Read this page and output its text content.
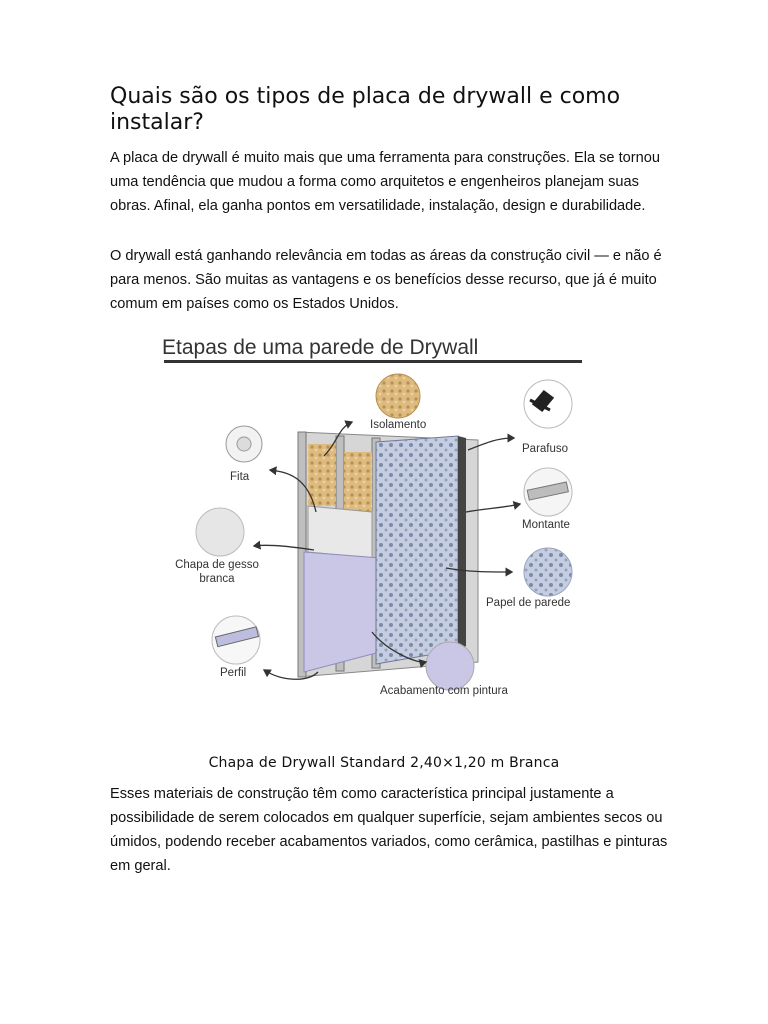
Quais são os tipos de placa de drywall e como instalar?

A placa de drywall é muito mais que uma ferramenta para construções. Ela se tornou uma tendência que mudou a forma como arquitetos e engenheiros planejam suas obras. Afinal, ela ganha pontos em versatilidade, instalação, design e durabilidade.

O drywall está ganhando relevância em todas as áreas da construção civil — e não é para menos. São muitas as vantagens e os benefícios desse recurso, que já é muito comum em países como os Estados Unidos.

Etapas de uma parede de Drywall

Fita
Isolamento
Parafuso
Montante
Chapa de gesso
branca
Papel de parede
Perfil
Acabamento com pintura

Chapa de Drywall Standard 2,40×1,20 m Branca

Esses materiais de construção têm como característica principal justamente a possibilidade de serem colocados em qualquer superfície, sejam ambientes secos ou úmidos, podendo receber acabamentos variados, como cerâmica, pastilhas e pinturas em geral.
